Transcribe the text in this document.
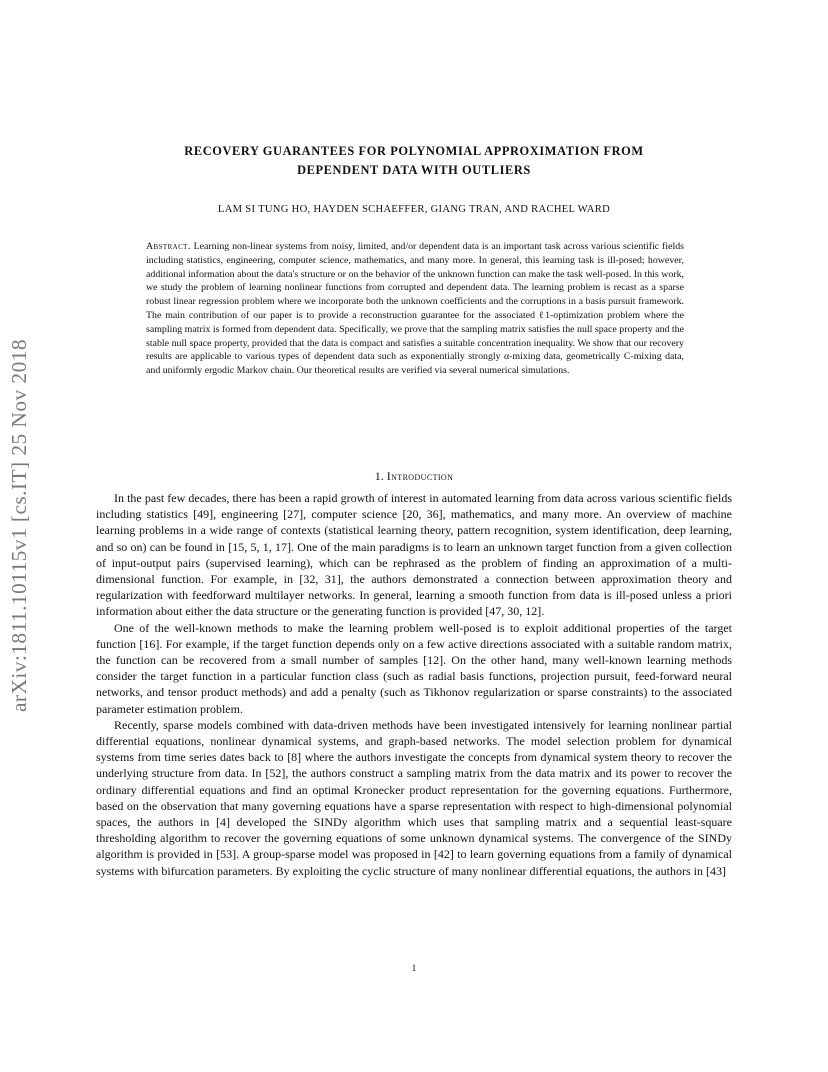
arXiv:1811.10115v1 [cs.IT] 25 Nov 2018
RECOVERY GUARANTEES FOR POLYNOMIAL APPROXIMATION FROM
DEPENDENT DATA WITH OUTLIERS
LAM SI TUNG HO, HAYDEN SCHAEFFER, GIANG TRAN, AND RACHEL WARD
Abstract. Learning non-linear systems from noisy, limited, and/or dependent data is an important task across various scientific fields including statistics, engineering, computer science, mathematics, and many more. In general, this learning task is ill-posed; however, additional information about the data's structure or on the behavior of the unknown function can make the task well-posed. In this work, we study the problem of learning nonlinear functions from corrupted and dependent data. The learning problem is recast as a sparse robust linear regression problem where we incorporate both the unknown coefficients and the corruptions in a basis pursuit framework. The main contribution of our paper is to provide a reconstruction guarantee for the associated ℓ1-optimization problem where the sampling matrix is formed from dependent data. Specifically, we prove that the sampling matrix satisfies the null space property and the stable null space property, provided that the data is compact and satisfies a suitable concentration inequality. We show that our recovery results are applicable to various types of dependent data such as exponentially strongly α-mixing data, geometrically C-mixing data, and uniformly ergodic Markov chain. Our theoretical results are verified via several numerical simulations.
1. Introduction

In the past few decades, there has been a rapid growth of interest in automated learning from data across various scientific fields including statistics [49], engineering [27], computer science [20, 36], mathematics, and many more. An overview of machine learning problems in a wide range of contexts (statistical learning theory, pattern recognition, system identification, deep learning, and so on) can be found in [15, 5, 1, 17]. One of the main paradigms is to learn an unknown target function from a given collection of input-output pairs (supervised learning), which can be rephrased as the problem of finding an approximation of a multi-dimensional function. For example, in [32, 31], the authors demonstrated a connection between approximation theory and regularization with feedforward multilayer networks. In general, learning a smooth function from data is ill-posed unless a priori information about either the data structure or the generating function is provided [47, 30, 12].

One of the well-known methods to make the learning problem well-posed is to exploit additional properties of the target function [16]. For example, if the target function depends only on a few active directions associated with a suitable random matrix, the function can be recovered from a small number of samples [12]. On the other hand, many well-known learning methods consider the target function in a particular function class (such as radial basis functions, projection pursuit, feed-forward neural networks, and tensor product methods) and add a penalty (such as Tikhonov regularization or sparse constraints) to the associated parameter estimation problem.

Recently, sparse models combined with data-driven methods have been investigated intensively for learning nonlinear partial differential equations, nonlinear dynamical systems, and graph-based networks. The model selection problem for dynamical systems from time series dates back to [8] where the authors investigate the concepts from dynamical system theory to recover the underlying structure from data. In [52], the authors construct a sampling matrix from the data matrix and its power to recover the ordinary differential equations and find an optimal Kronecker product representation for the governing equations. Furthermore, based on the observation that many governing equations have a sparse representation with respect to high-dimensional polynomial spaces, the authors in [4] developed the SINDy algorithm which uses that sampling matrix and a sequential least-square thresholding algorithm to recover the governing equations of some unknown dynamical systems. The convergence of the SINDy algorithm is provided in [53]. A group-sparse model was proposed in [42] to learn governing equations from a family of dynamical systems with bifurcation parameters. By exploiting the cyclic structure of many nonlinear differential equations, the authors in [43]

1
